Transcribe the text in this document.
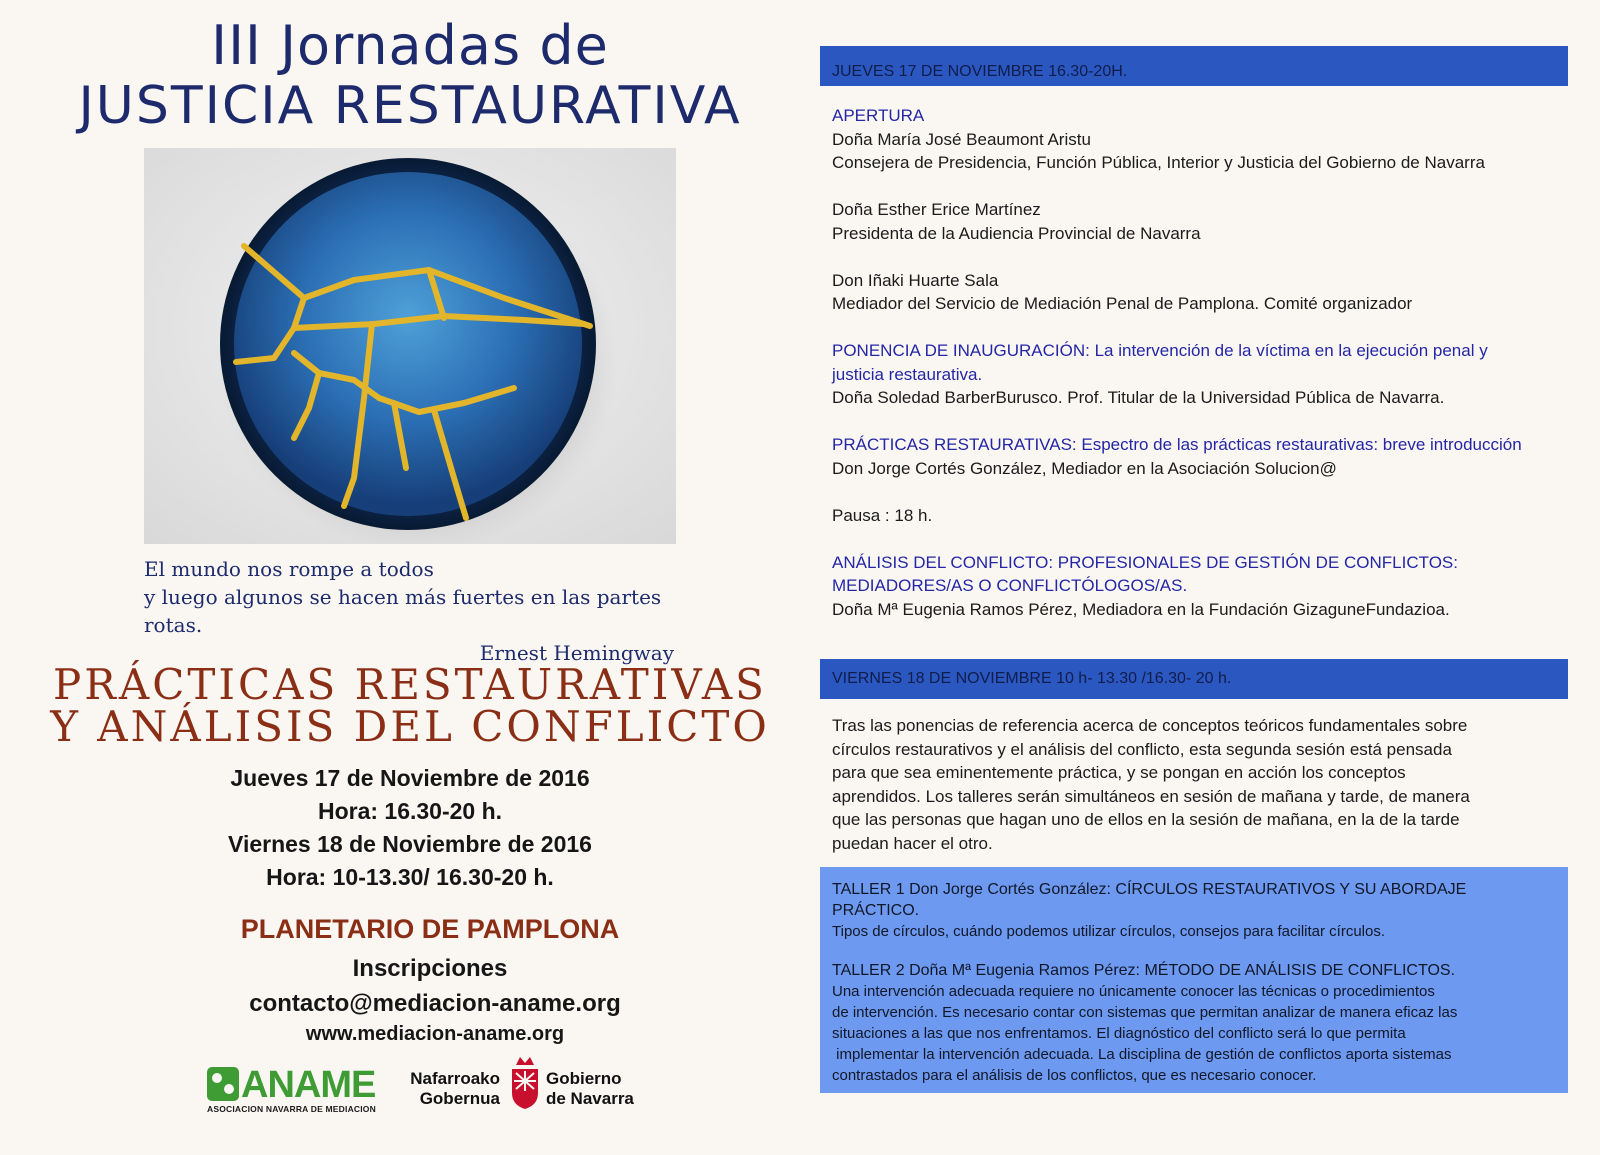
III Jornadas de
JUSTICIA RESTAURATIVA
El mundo nos rompe a todos
y luego algunos se hacen más fuertes en las partes rotas.
Ernest Hemingway
PRÁCTICAS RESTAURATIVAS
Y ANÁLISIS DEL CONFLICTO
Jueves 17 de Noviembre de 2016
Hora: 16.30-20 h.
Viernes 18 de Noviembre de 2016
Hora: 10-13.30/ 16.30-20 h.
PLANETARIO DE PAMPLONA
Inscripciones
contacto@mediacion-aname.org
www.mediacion-aname.org
ANAME
ASOCIACION NAVARRA DE MEDIACION
Nafarroako
Gobernua
Gobierno
de Navarra
JUEVES 17 DE NOVIEMBRE 16.30-20H.
APERTURA
Doña María José Beaumont Aristu
Consejera de Presidencia, Función Pública, Interior y Justicia del Gobierno de Navarra
Doña Esther Erice Martínez
Presidenta de la Audiencia Provincial de Navarra
Don Iñaki Huarte Sala
Mediador del Servicio de Mediación Penal de Pamplona. Comité organizador
PONENCIA DE INAUGURACIÓN: La intervención de la víctima en la ejecución penal y
justicia restaurativa.
Doña Soledad BarberBurusco. Prof. Titular de la Universidad Pública de Navarra.
PRÁCTICAS RESTAURATIVAS: Espectro de las prácticas restaurativas: breve introducción
Don Jorge Cortés González, Mediador en la Asociación Solucion@
Pausa : 18 h.
ANÁLISIS DEL CONFLICTO: PROFESIONALES DE GESTIÓN DE CONFLICTOS:
MEDIADORES/AS O CONFLICTÓLOGOS/AS.
Doña Mª Eugenia Ramos Pérez, Mediadora en la Fundación GizaguneFundazioa.
VIERNES 18 DE NOVIEMBRE 10 h- 13.30 /16.30- 20 h.
Tras las ponencias de referencia acerca de conceptos teóricos fundamentales sobre
círculos restaurativos y el análisis del conflicto, esta segunda sesión está pensada
para que sea eminentemente práctica, y se pongan en acción los conceptos
aprendidos. Los talleres serán simultáneos en sesión de mañana y tarde, de manera
que las personas que hagan uno de ellos en la sesión de mañana, en la de la tarde
puedan hacer el otro.
TALLER 1 Don Jorge Cortés González: CÍRCULOS RESTAURATIVOS Y SU ABORDAJE PRÁCTICO.
Tipos de círculos, cuándo podemos utilizar círculos, consejos para facilitar círculos.
TALLER 2 Doña Mª Eugenia Ramos Pérez: MÉTODO DE ANÁLISIS DE CONFLICTOS.
Una intervención adecuada requiere no únicamente conocer las técnicas o procedimientos
de intervención. Es necesario contar con sistemas que permitan analizar de manera eficaz las
situaciones a las que nos enfrentamos. El diagnóstico del conflicto será lo que permita
implementar la intervención adecuada. La disciplina de gestión de conflictos aporta sistemas
contrastados para el análisis de los conflictos, que es necesario conocer.
